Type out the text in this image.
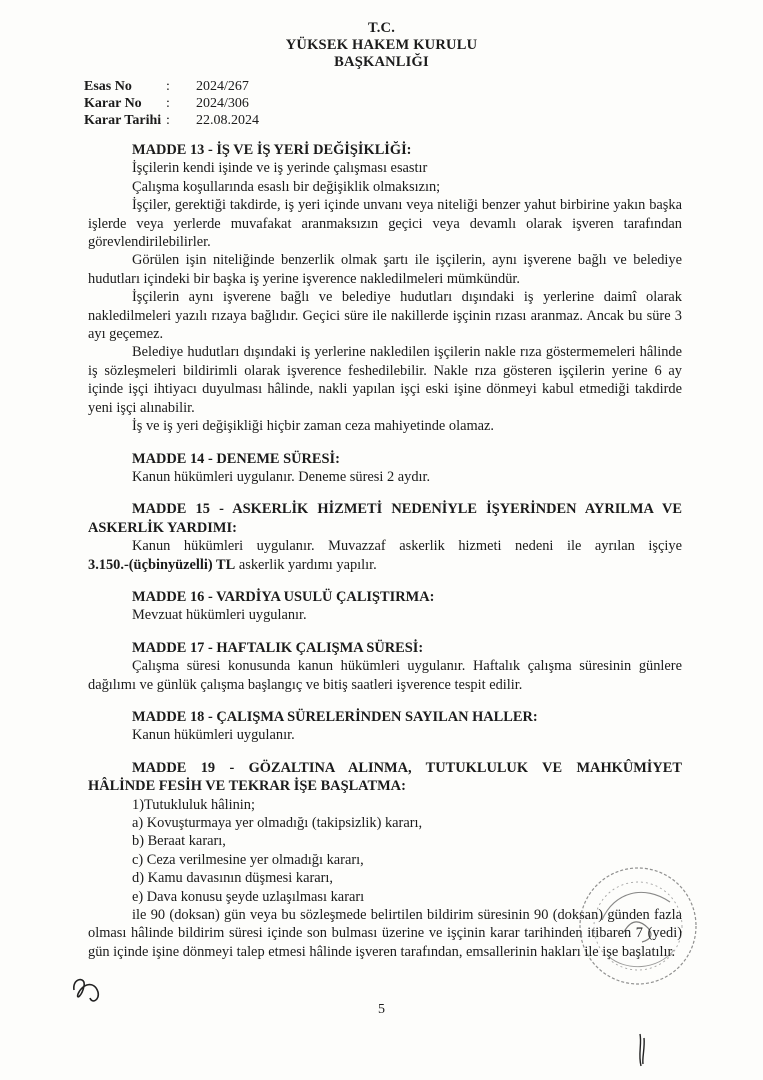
T.C.
YÜKSEK HAKEM KURULU
BAŞKANLIĞI
Esas No	:	2024/267
Karar No	:	2024/306
Karar Tarihi :	22.08.2024

MADDE 13 - İŞ VE İŞ YERİ DEĞİŞİKLİĞİ:

İşçilerin kendi işinde ve iş yerinde çalışması esastır

Çalışma koşullarında esaslı bir değişiklik olmaksızın;

İşçiler, gerektiği takdirde, iş yeri içinde unvanı veya niteliği benzer yahut birbirine yakın başka işlerde veya yerlerde muvafakat aranmaksızın geçici veya devamlı olarak işveren tarafından görevlendirilebilirler.

Görülen işin niteliğinde benzerlik olmak şartı ile işçilerin, aynı işverene bağlı ve belediye hudutları içindeki bir başka iş yerine işverence nakledilmeleri mümkündür.

İşçilerin aynı işverene bağlı ve belediye hudutları dışındaki iş yerlerine daimî olarak nakledilmeleri yazılı rızaya bağlıdır. Geçici süre ile nakillerde işçinin rızası aranmaz. Ancak bu süre 3 ayı geçemez.

Belediye hudutları dışındaki iş yerlerine nakledilen işçilerin nakle rıza göstermemeleri hâlinde iş sözleşmeleri bildirimli olarak işverence feshedilebilir. Nakle rıza gösteren işçilerin yerine 6 ay içinde işçi ihtiyacı duyulması hâlinde, nakli yapılan işçi eski işine dönmeyi kabul etmediği takdirde yeni işçi alınabilir.

İş ve iş yeri değişikliği hiçbir zaman ceza mahiyetinde olamaz.

MADDE 14 - DENEME SÜRESİ:

Kanun hükümleri uygulanır. Deneme süresi 2 aydır.

MADDE 15 - ASKERLİK HİZMETİ NEDENİYLE İŞYERİNDEN AYRILMA VE

ASKERLİK YARDIMI:

Kanun hükümleri uygulanır. Muvazzaf askerlik hizmeti nedeni ile ayrılan işçiye

3.150.-(üçbinyüzelli) TL askerlik yardımı yapılır.

MADDE 16 - VARDİYA USULÜ ÇALIŞTIRMA:

Mevzuat hükümleri uygulanır.

MADDE 17 - HAFTALIK ÇALIŞMA SÜRESİ:

Çalışma süresi konusunda kanun hükümleri uygulanır. Haftalık çalışma süresinin günlere dağılımı ve günlük çalışma başlangıç ve bitiş saatleri işverence tespit edilir.

MADDE 18 - ÇALIŞMA SÜRELERİNDEN SAYILAN HALLER:

Kanun hükümleri uygulanır.

MADDE 19 - GÖZALTINA ALINMA, TUTUKLULUK VE MAHKÛMİYET

HÂLİNDE FESİH VE TEKRAR İŞE BAŞLATMA:

1)Tutukluluk hâlinin;

a) Kovuşturmaya yer olmadığı (takipsizlik) kararı,

b) Beraat kararı,

c) Ceza verilmesine yer olmadığı kararı,

d) Kamu davasının düşmesi kararı,

e) Dava konusu şeyde uzlaşılması kararı

ile 90 (doksan) gün veya bu sözleşmede belirtilen bildirim süresinin 90 (doksan) günden fazla olması hâlinde bildirim süresi içinde son bulması üzerine ve işçinin karar tarihinden itibaren 7 (yedi) gün içinde işine dönmeyi talep etmesi hâlinde işveren tarafından, emsallerinin hakları ile işe başlatılır.

5
